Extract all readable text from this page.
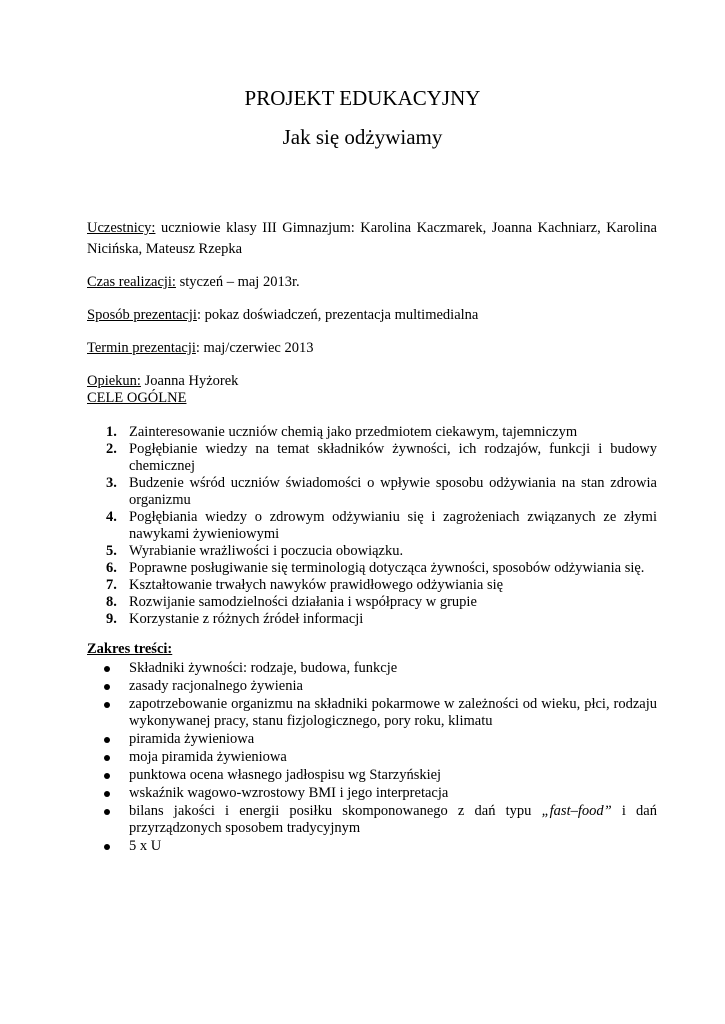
PROJEKT EDUKACYJNY
Jak się odżywiamy

Uczestnicy: uczniowie klasy III Gimnazjum: Karolina Kaczmarek, Joanna Kachniarz, Karolina Nicińska, Mateusz Rzepka

Czas realizacji: styczeń – maj 2013r.

Sposób prezentacji: pokaz doświadczeń, prezentacja multimedialna

Termin prezentacji: maj/czerwiec 2013

Opiekun: Joanna Hyżorek

CELE OGÓLNE
1. Zainteresowanie uczniów chemią jako przedmiotem ciekawym, tajemniczym
2. Pogłębianie wiedzy na temat składników żywności, ich rodzajów, funkcji i budowy chemicznej
3. Budzenie wśród uczniów świadomości o wpływie sposobu odżywiania na stan zdrowia organizmu
4. Pogłębiania wiedzy o zdrowym odżywianiu się i zagrożeniach związanych ze złymi nawykami żywieniowymi
5. Wyrabianie wrażliwości i poczucia obowiązku.
6. Poprawne posługiwanie się terminologią dotycząca żywności, sposobów odżywiania się.
7. Kształtowanie trwałych nawyków prawidłowego odżywiania się
8. Rozwijanie samodzielności działania i współpracy w grupie
9. Korzystanie z różnych źródeł informacji
Zakres treści:
Składniki żywności: rodzaje, budowa, funkcje
zasady racjonalnego żywienia
zapotrzebowanie organizmu na składniki pokarmowe w zależności od wieku, płci, rodzaju wykonywanej pracy, stanu fizjologicznego, pory roku, klimatu
piramida żywieniowa
moja piramida żywieniowa
punktowa ocena własnego jadłospisu wg Starzyńskiej
wskaźnik wagowo-wzrostowy BMI i jego interpretacja
bilans jakości i energii posiłku skomponowanego z dań typu „fast–food” i dań przyrządzonych sposobem tradycyjnym
5 x U
